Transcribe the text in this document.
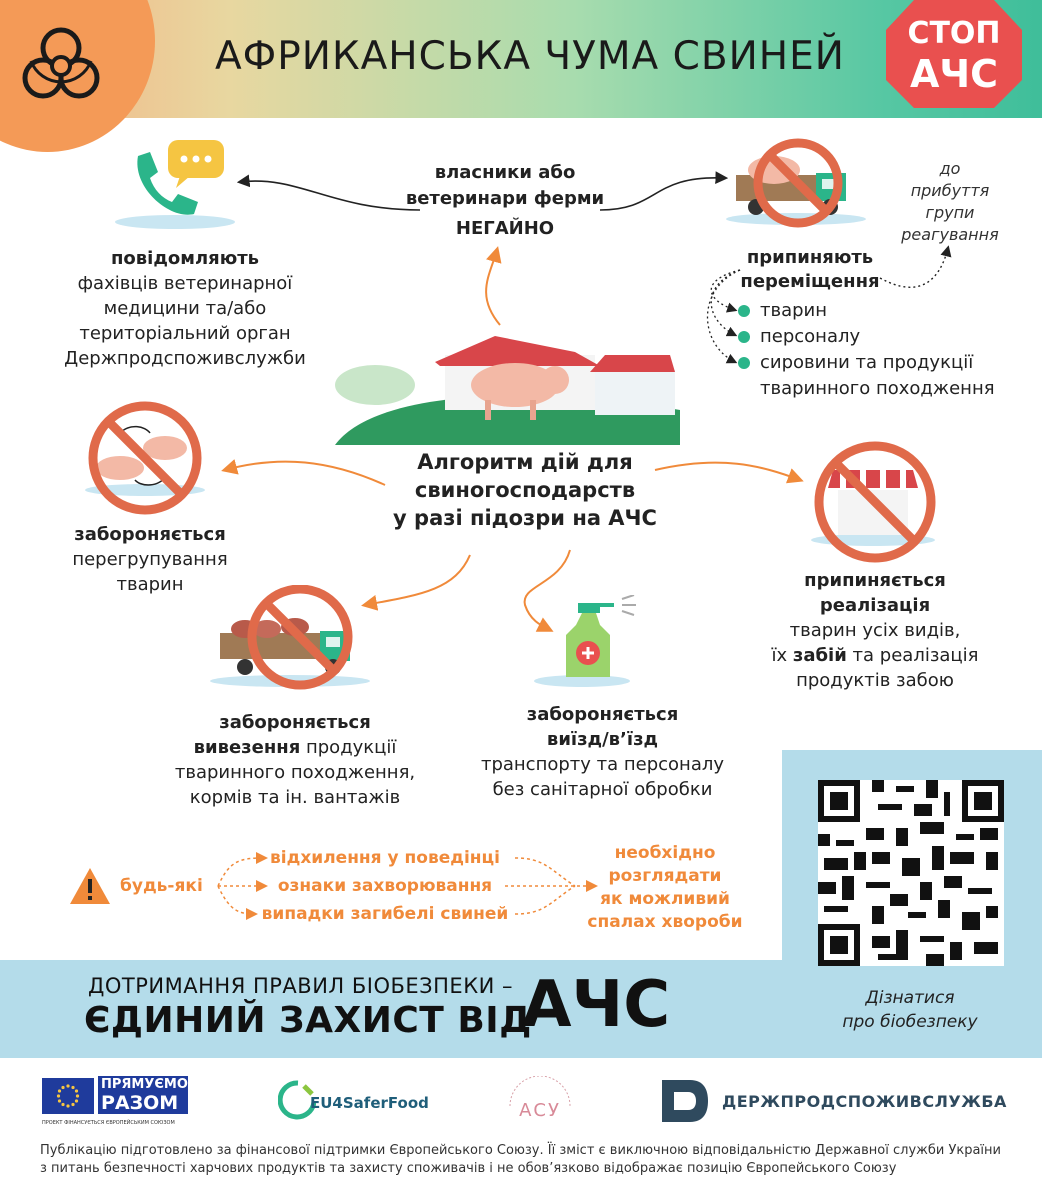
АФРИКАНСЬКА ЧУМА СВИНЕЙ
СТОП
АЧС
власники або
ветеринари ферми
НЕГАЙНО
повідомляють
фахівців ветеринарної
медицини та/або
територіальний орган
Держпродспоживслужби
до
прибуття
групи
реагування
припиняють
переміщення
тварин
персоналу
сировини та продукції
тваринного походження
Алгоритм дій для
свиногосподарств
у разі підозри на АЧС
забороняється
перегрупування
тварин	припиняється
реалізація
тварин усіх видів,
їх забій та реалізація
продуктів забою
забороняється
вивезення продукції
тваринного походження,
кормів та ін. вантажів
забороняється
виїзд/в’їзд
транспорту та персоналу
без санітарної обробки
будь-які
відхилення у поведінці
ознаки захворювання
випадки загибелі свиней
необхідно
розглядати
як можливий
спалах хвороби
Дізнатися
про біобезпеку
ДОТРИМАННЯ ПРАВИЛ БІОБЕЗПЕКИ –
ЄДИНИЙ ЗАХИСТ ВІД
АЧС
ПРЯМУЄМО
РАЗОМ
ПРОЕКТ ФІНАНСУЄТЬСЯ ЄВРОПЕЙСЬКИМ СОЮЗОМ
EU4SaferFood	АСУ	ДЕРЖПРОДСПОЖИВСЛУЖБА
Публікацію підготовлено за фінансової підтримки Європейського Союзу. Її зміст є виключною відповідальністю Державної служби України
з питань безпечності харчових продуктів та захисту споживачів і не обов’язково відображає позицію Європейського Союзу
